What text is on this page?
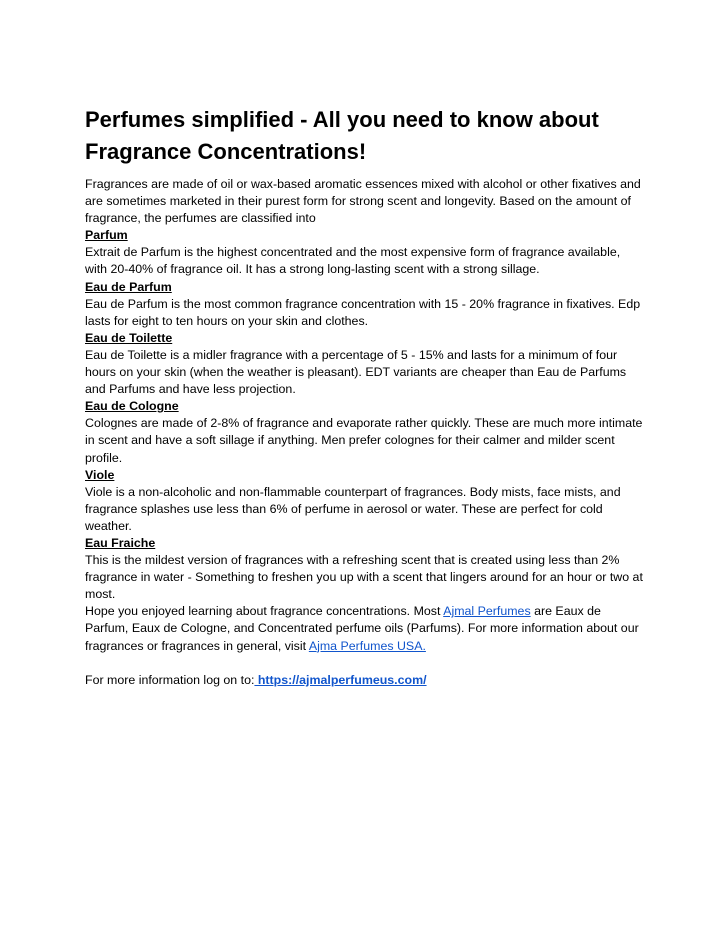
Perfumes simplified - All you need to know about Fragrance Concentrations!

Fragrances are made of oil or wax-based aromatic essences mixed with alcohol or other fixatives and are sometimes marketed in their purest form for strong scent and longevity. Based on the amount of fragrance, the perfumes are classified into

Parfum

Extrait de Parfum is the highest concentrated and the most expensive form of fragrance available, with 20-40% of fragrance oil. It has a strong long-lasting scent with a strong sillage.

Eau de Parfum

Eau de Parfum is the most common fragrance concentration with 15 - 20% fragrance in fixatives. Edp lasts for eight to ten hours on your skin and clothes.

Eau de Toilette

Eau de Toilette is a midler fragrance with a percentage of 5 - 15% and lasts for a minimum of four hours on your skin (when the weather is pleasant). EDT variants are cheaper than Eau de Parfums and Parfums and have less projection.

Eau de Cologne

Colognes are made of 2-8% of fragrance and evaporate rather quickly. These are much more intimate in scent and have a soft sillage if anything. Men prefer colognes for their calmer and milder scent profile.

Viole

Viole is a non-alcoholic and non-flammable counterpart of fragrances. Body mists, face mists, and fragrance splashes use less than 6% of perfume in aerosol or water. These are perfect for cold weather.

Eau Fraiche

This is the mildest version of fragrances with a refreshing scent that is created using less than 2% fragrance in water - Something to freshen you up with a scent that lingers around for an hour or two at most.

Hope you enjoyed learning about fragrance concentrations. Most Ajmal Perfumes are Eaux de Parfum, Eaux de Cologne, and Concentrated perfume oils (Parfums). For more information about our fragrances or fragrances in general, visit Ajma Perfumes USA.

For more information log on to: https://ajmalperfumeus.com/
